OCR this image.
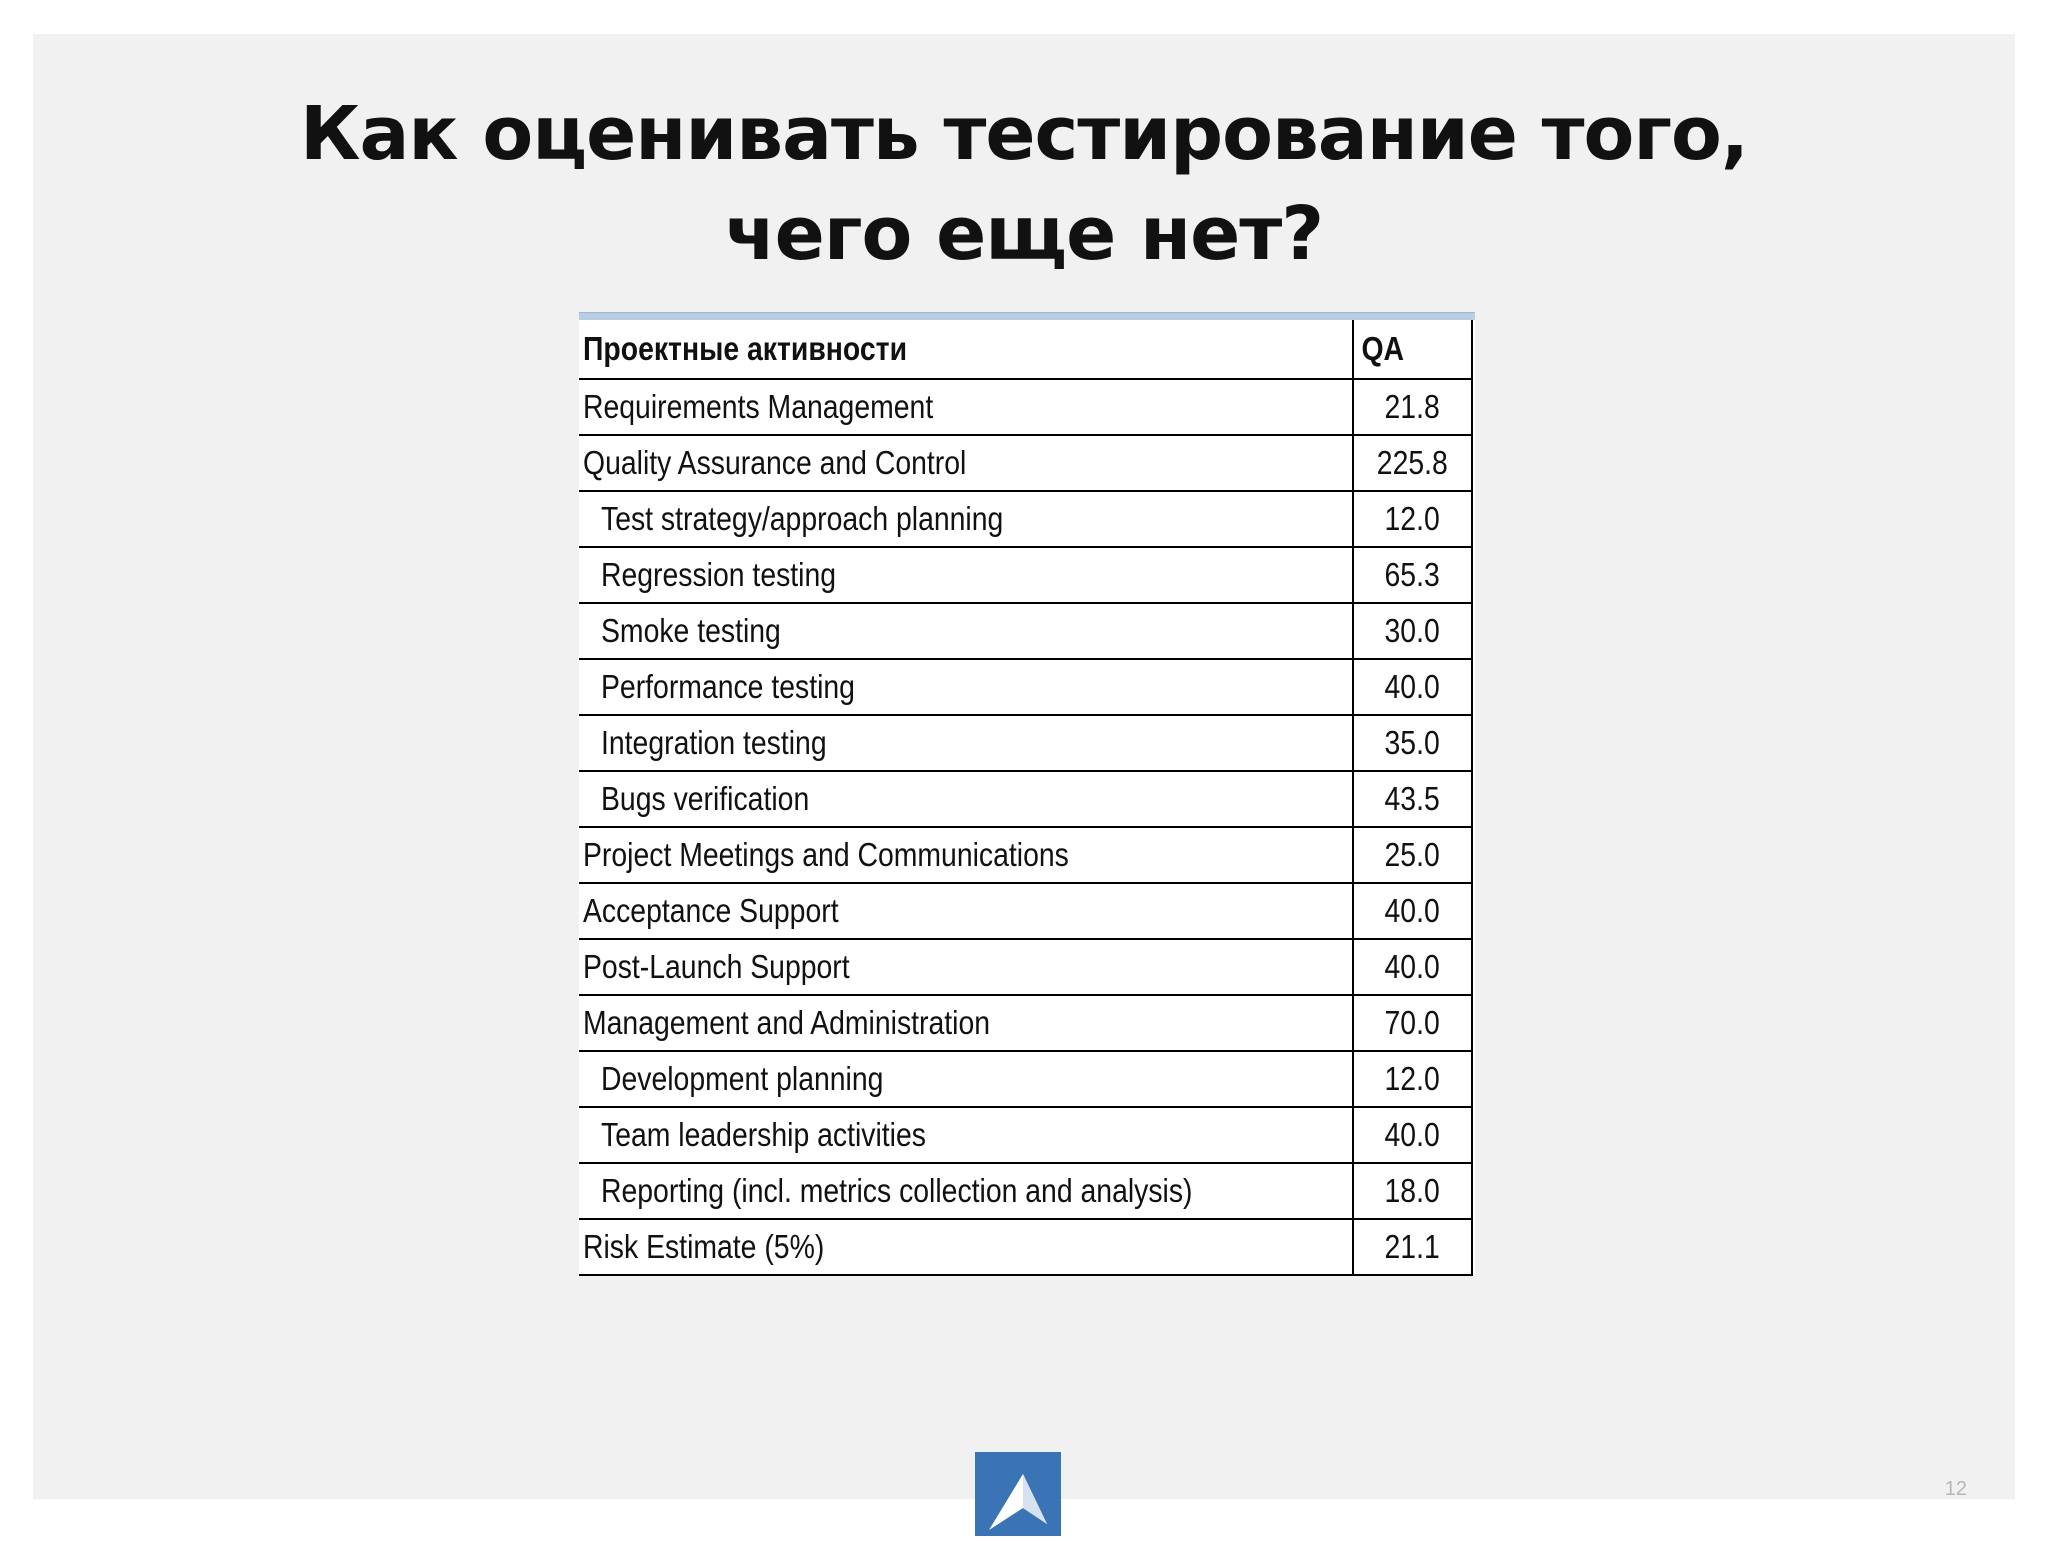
Как оценивать тестирование того,
чего еще нет?
Проектные активности	QA
Requirements Management	21.8
Quality Assurance and Control	225.8
Test strategy/approach planning	12.0
Regression testing	65.3
Smoke testing	30.0
Performance testing	40.0
Integration testing	35.0
Bugs verification	43.5
Project Meetings and Communications	25.0
Acceptance Support	40.0
Post-Launch Support	40.0
Management and Administration	70.0
Development planning	12.0
Team leadership activities	40.0
Reporting (incl. metrics collection and analysis)	18.0
Risk Estimate (5%)	21.1
12
